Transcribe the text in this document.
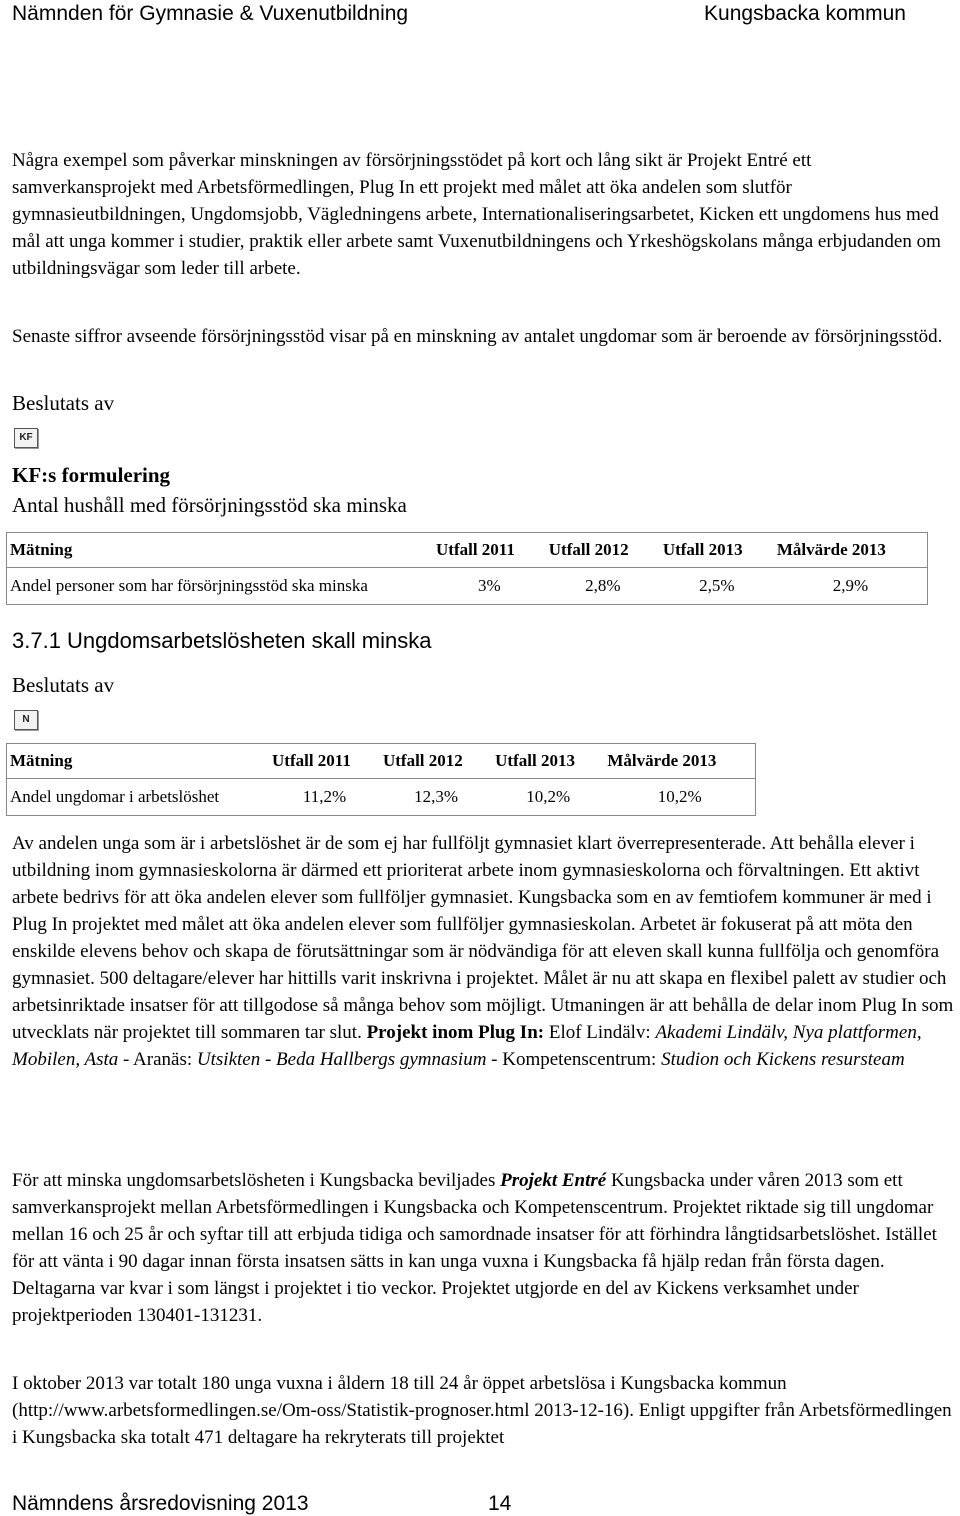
Nämnden för Gymnasie & Vuxenutbildning	Kungsbacka kommun

Några exempel som påverkar minskningen av försörjningsstödet på kort och lång sikt är Projekt Entré ett samverkansprojekt med Arbetsförmedlingen, Plug In ett projekt med målet att öka andelen som slutför gymnasieutbildningen, Ungdomsjobb, Vägledningens arbete, Internationaliseringsarbetet, Kicken ett ungdomens hus med mål att unga kommer i studier, praktik eller arbete samt Vuxenutbildningens och Yrkeshögskolans många erbjudanden om utbildningsvägar som leder till arbete.

Senaste siffror avseende försörjningsstöd visar på en minskning av antalet ungdomar som är beroende av försörjningsstöd.

Beslutats av

KF

KF:s formulering

Antal hushåll med försörjningsstöd ska minska

Mätning	Utfall 2011	Utfall 2012	Utfall 2013	Målvärde 2013
Andel personer som har försörjningsstöd ska minska	3%	2,8%	2,5%	2,9%

3.7.1 Ungdomsarbetslösheten skall minska

Beslutats av

N
Mätning	Utfall 2011	Utfall 2012	Utfall 2013	Målvärde 2013
Andel ungdomar i arbetslöshet	11,2%	12,3%	10,2%	10,2%

Av andelen unga som är i arbetslöshet är de som ej har fullföljt gymnasiet klart överrepresenterade. Att behålla elever i utbildning inom gymnasieskolorna är därmed ett prioriterat arbete inom gymnasieskolorna och förvaltningen. Ett aktivt arbete bedrivs för att öka andelen elever som fullföljer gymnasiet. Kungsbacka som en av femtiofem kommuner är med i Plug In projektet med målet att öka andelen elever som fullföljer gymnasieskolan. Arbetet är fokuserat på att möta den enskilde elevens behov och skapa de förutsättningar som är nödvändiga för att eleven skall kunna fullfölja och genomföra gymnasiet. 500 deltagare/elever har hittills varit inskrivna i projektet. Målet är nu att skapa en flexibel palett av studier och arbetsinriktade insatser för att tillgodose så många behov som möjligt. Utmaningen är att behålla de delar inom Plug In som utvecklats när projektet till sommaren tar slut. Projekt inom Plug In: Elof Lindälv: Akademi Lindälv, Nya plattformen, Mobilen, Asta - Aranäs: Utsikten - Beda Hallbergs gymnasium - Kompetenscentrum: Studion och Kickens resursteam

För att minska ungdomsarbetslösheten i Kungsbacka beviljades Projekt Entré Kungsbacka under våren 2013 som ett samverkansprojekt mellan Arbetsförmedlingen i Kungsbacka och Kompetenscentrum. Projektet riktade sig till ungdomar mellan 16 och 25 år och syftar till att erbjuda tidiga och samordnade insatser för att förhindra långtidsarbetslöshet. Istället för att vänta i 90 dagar innan första insatsen sätts in kan unga vuxna i Kungsbacka få hjälp redan från första dagen. Deltagarna var kvar i som längst i projektet i tio veckor. Projektet utgjorde en del av Kickens verksamhet under projektperioden 130401-131231.

I oktober 2013 var totalt 180 unga vuxna i åldern 18 till 24 år öppet arbetslösa i Kungsbacka kommun (http://www.arbetsformedlingen.se/Om-oss/Statistik-prognoser.html 2013-12-16). Enligt uppgifter från Arbetsförmedlingen i Kungsbacka ska totalt 471 deltagare ha rekryterats till projektet

Nämndens årsredovisning 2013	14
